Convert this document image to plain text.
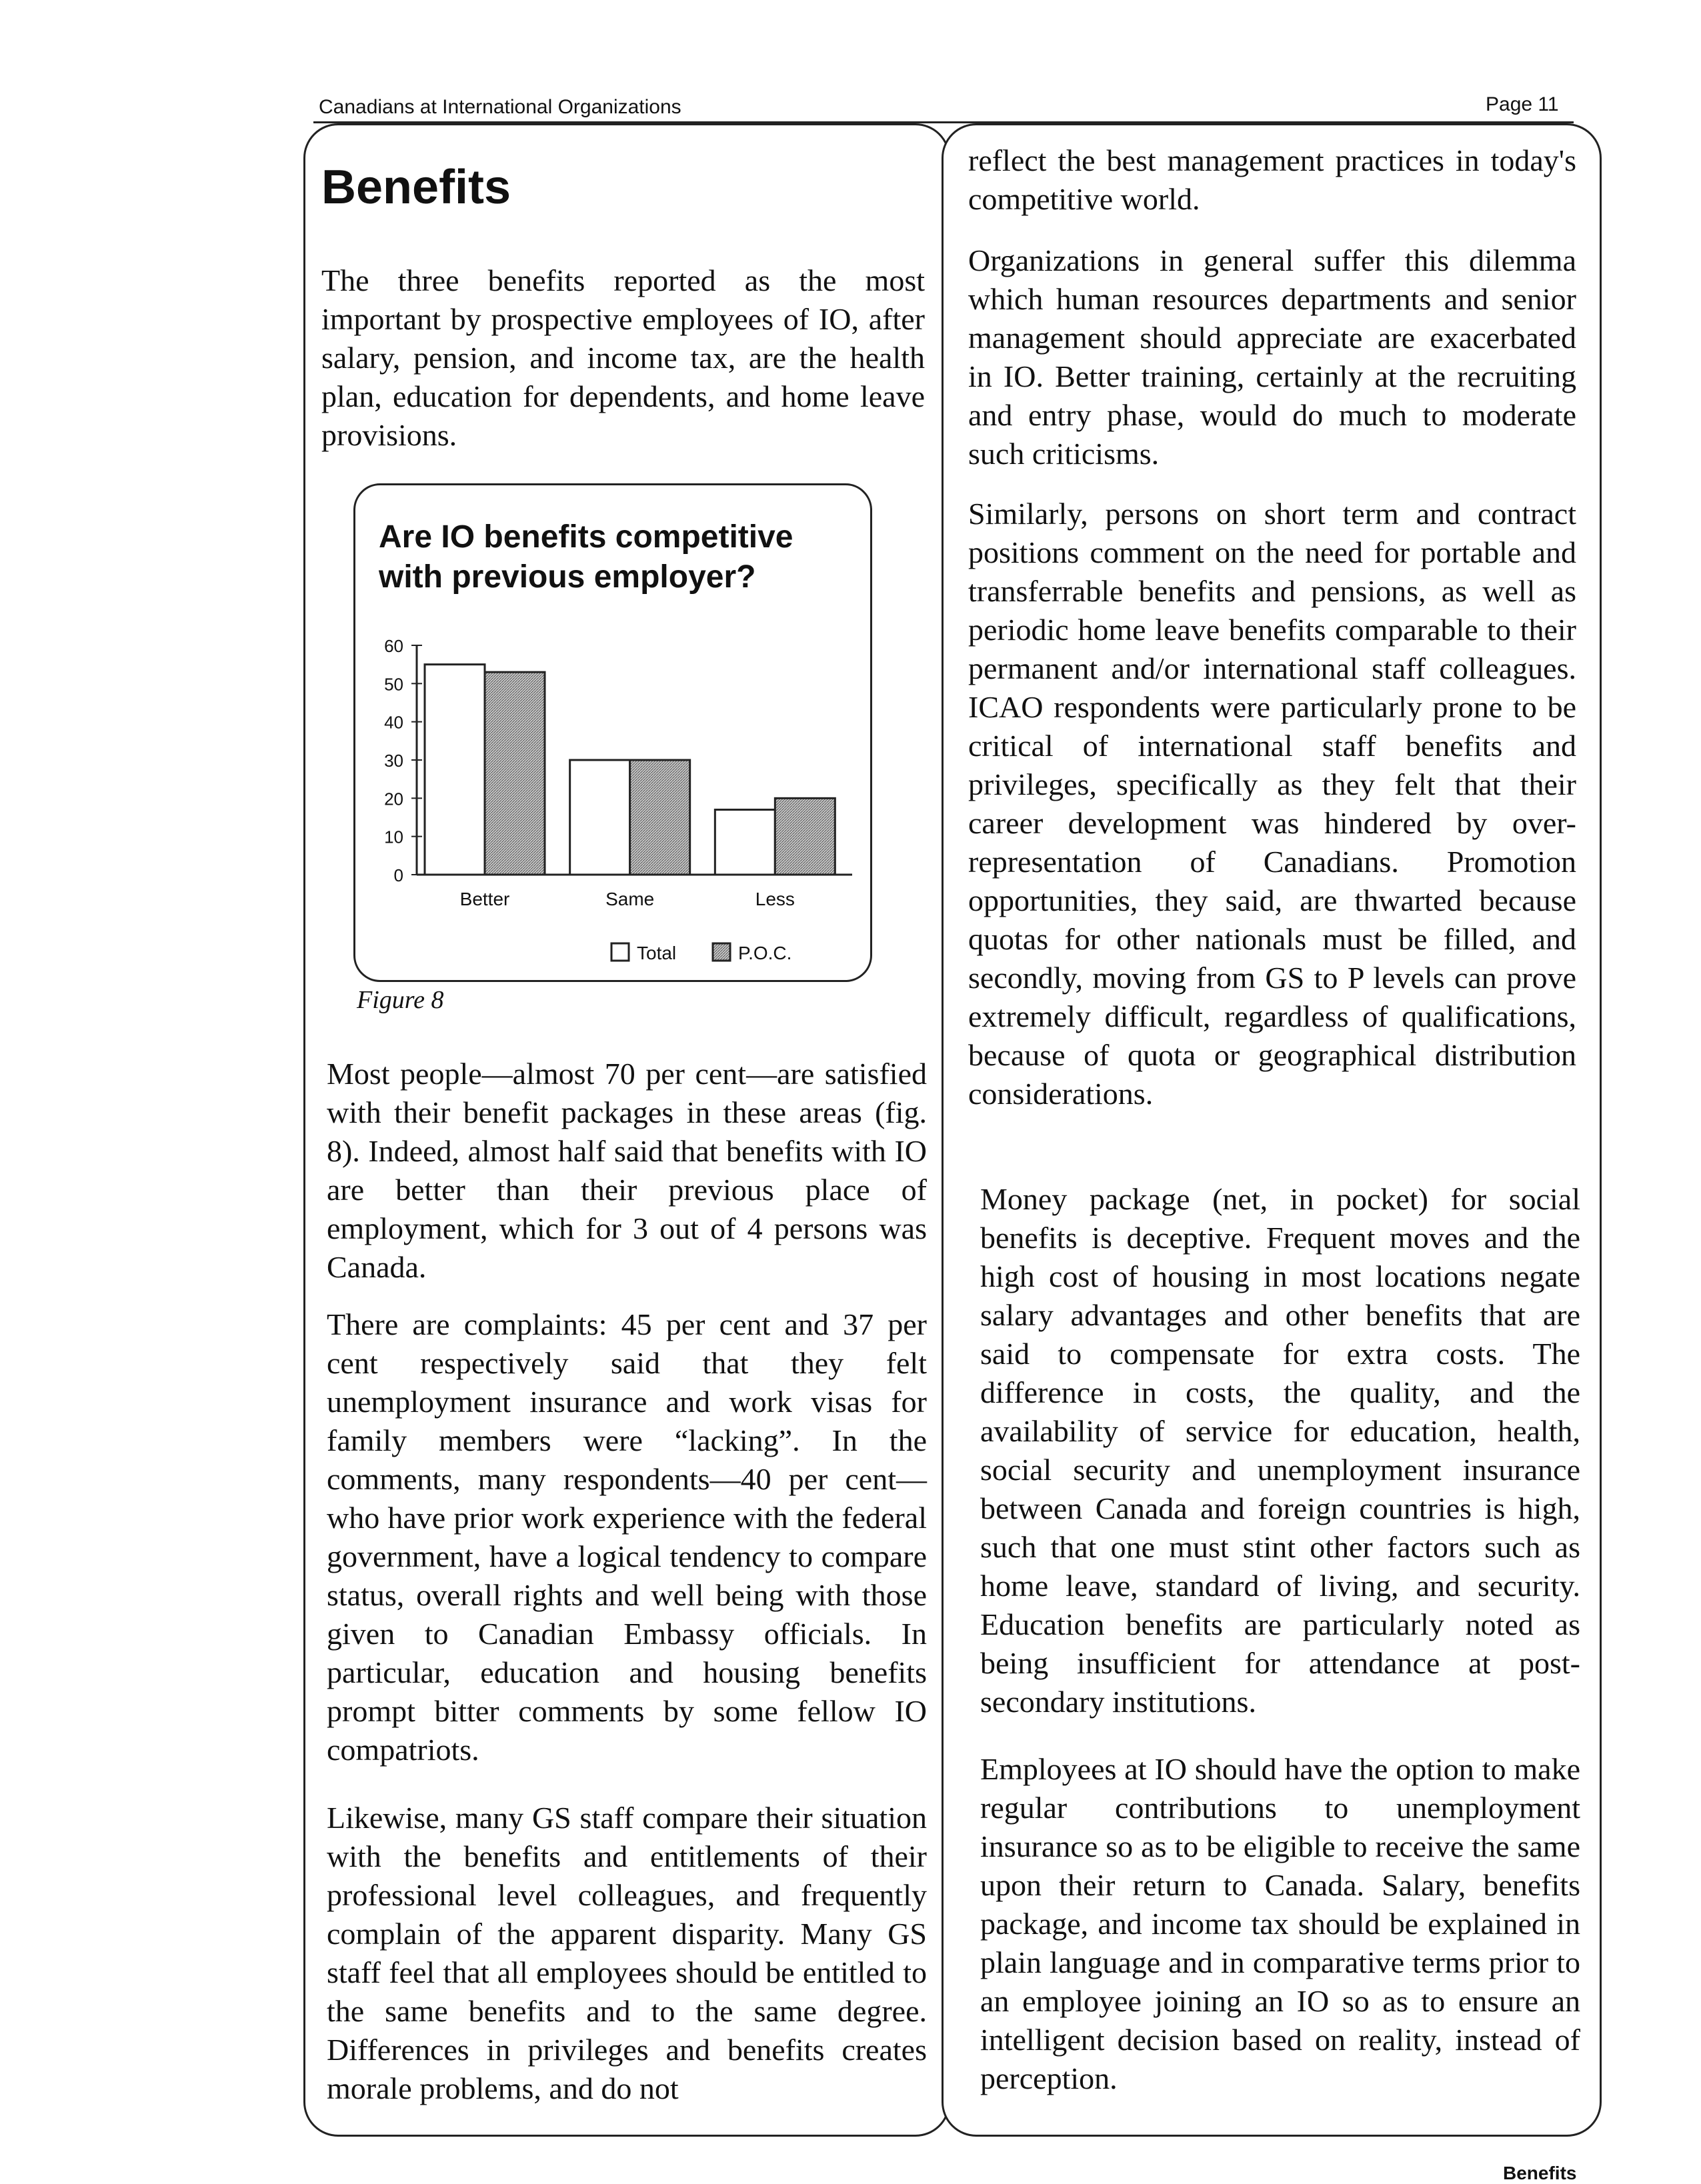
Canadians at International Organizations	Page 11
Benefits

The three benefits reported as the most important by prospective employees of IO, after salary, pension, and income tax, are the health plan, education for dependents, and home leave provisions.

Are IO benefits competitive with previous employer?
0
10
20
30
40
50
60
Better	Same	Less
Total	P.O.C.
Figure 8

Most people—almost 70 per cent—are satisfied with their benefit packages in these areas (fig. 8). Indeed, almost half said that benefits with IO are better than their previous place of employment, which for 3 out of 4 persons was Canada.

There are complaints: 45 per cent and 37 per cent respectively said that they felt unemployment insurance and work visas for family members were “lacking”. In the comments, many respondents—40 per cent—who have prior work experience with the federal government, have a logical tendency to compare status, overall rights and well being with those given to Canadian Embassy officials. In particular, education and housing benefits prompt bitter comments by some fellow IO compatriots.

Likewise, many GS staff compare their situation with the benefits and entitlements of their professional level colleagues, and frequently complain of the apparent disparity. Many GS staff feel that all employees should be entitled to the same benefits and to the same degree. Differences in privileges and benefits creates morale problems, and do not

reflect the best management practices in today's competitive world.

Organizations in general suffer this dilemma which human resources departments and senior management should appreciate are exacerbated in IO. Better training, certainly at the recruiting and entry phase, would do much to moderate such criticisms.

Similarly, persons on short term and contract positions comment on the need for portable and transferrable benefits and pensions, as well as periodic home leave benefits comparable to their permanent and/or international staff colleagues. ICAO respondents were particularly prone to be critical of international staff benefits and privileges, specifically as they felt that their career development was hindered by over-representation of Canadians. Promotion opportunities, they said, are thwarted because quotas for other nationals must be filled, and secondly, moving from GS to P levels can prove extremely difficult, regardless of qualifications, because of quota or geographical distribution considerations.

Money package (net, in pocket) for social benefits is deceptive. Frequent moves and the high cost of housing in most locations negate salary advantages and other benefits that are said to compensate for extra costs. The difference in costs, the quality, and the availability of service for education, health, social security and unemployment insurance between Canada and foreign countries is high, such that one must stint other factors such as home leave, standard of living, and security. Education benefits are particularly noted as being insufficient for attendance at post-secondary institutions.

Employees at IO should have the option to make regular contributions to unemployment insurance so as to be eligible to receive the same upon their return to Canada. Salary, benefits package, and income tax should be explained in plain language and in comparative terms prior to an employee joining an IO so as to ensure an intelligent decision based on reality, instead of perception.

Benefits
